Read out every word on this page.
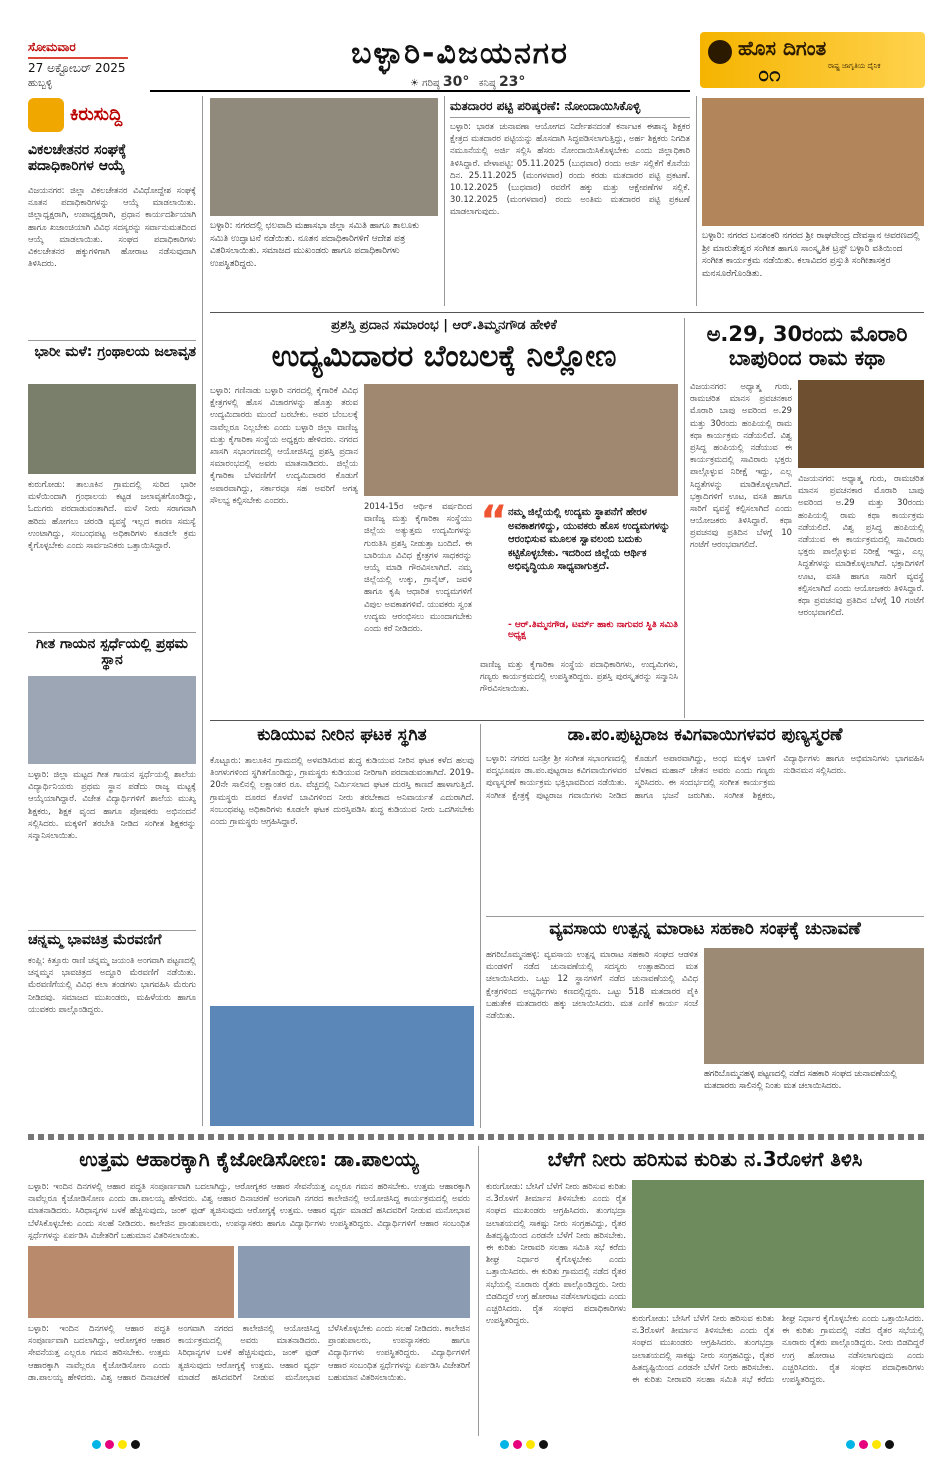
ಸೋಮವಾರ
27 ಅಕ್ಟೋಬರ್ 2025
ಹುಬ್ಬಳ್ಳಿ
ಬಳ್ಳಾರಿ-ವಿಜಯನಗರ
☀ ಗರಿಷ್ಠ 30° ಕನಿಷ್ಠ 23°
ಹೊಸ ದಿಗಂತ
ರಾಷ್ಟ್ರ ಜಾಗೃತಿಯ ದೈನಿಕ
೦೧
ಕಿರುಸುದ್ದಿ
ವಿಕಲಚೇತನರ ಸಂಘಕ್ಕೆ ಪದಾಧಿಕಾರಿಗಳ ಆಯ್ಕೆ
ವಿಜಯನಗರ: ಜಿಲ್ಲಾ ವಿಕಲಚೇತನರ ವಿವಿಧೋದ್ದೇಶ ಸಂಘಕ್ಕೆ ನೂತನ ಪದಾಧಿಕಾರಿಗಳನ್ನು ಆಯ್ಕೆ ಮಾಡಲಾಯಿತು. ಜಿಲ್ಲಾಧ್ಯಕ್ಷರಾಗಿ, ಉಪಾಧ್ಯಕ್ಷರಾಗಿ, ಪ್ರಧಾನ ಕಾರ್ಯದರ್ಶಿಯಾಗಿ ಹಾಗೂ ಖಜಾಂಚಿಯಾಗಿ ವಿವಿಧ ಸದಸ್ಯರನ್ನು ಸರ್ವಾನುಮತದಿಂದ ಆಯ್ಕೆ ಮಾಡಲಾಯಿತು. ಸಂಘದ ಪದಾಧಿಕಾರಿಗಳು ವಿಕಲಚೇತನರ ಹಕ್ಕುಗಳಿಗಾಗಿ ಹೋರಾಟ ನಡೆಸುವುದಾಗಿ ತಿಳಿಸಿದರು.
ಭಾರೀ ಮಳೆ: ಗ್ರಂಥಾಲಯ ಜಲಾವೃತ
ಕುರುಗೋಡು: ತಾಲೂಕಿನ ಗ್ರಾಮದಲ್ಲಿ ಸುರಿದ ಭಾರೀ ಮಳೆಯಿಂದಾಗಿ ಗ್ರಂಥಾಲಯ ಕಟ್ಟಡ ಜಲಾವೃತಗೊಂಡಿದ್ದು, ಓದುಗರು ಪರದಾಡುವಂತಾಗಿದೆ. ಮಳೆ ನೀರು ಸರಾಗವಾಗಿ ಹರಿದು ಹೋಗಲು ಚರಂಡಿ ವ್ಯವಸ್ಥೆ ಇಲ್ಲದ ಕಾರಣ ಸಮಸ್ಯೆ ಉಂಟಾಗಿದ್ದು, ಸಂಬಂಧಪಟ್ಟ ಅಧಿಕಾರಿಗಳು ಕೂಡಲೇ ಕ್ರಮ ಕೈಗೊಳ್ಳಬೇಕು ಎಂದು ಸಾರ್ವಜನಿಕರು ಒತ್ತಾಯಿಸಿದ್ದಾರೆ.
ಗೀತ ಗಾಯನ ಸ್ಪರ್ಧೆಯಲ್ಲಿ ಪ್ರಥಮ ಸ್ಥಾನ
ಬಳ್ಳಾರಿ: ಜಿಲ್ಲಾ ಮಟ್ಟದ ಗೀತ ಗಾಯನ ಸ್ಪರ್ಧೆಯಲ್ಲಿ ಶಾಲೆಯ ವಿದ್ಯಾರ್ಥಿನಿಯರು ಪ್ರಥಮ ಸ್ಥಾನ ಪಡೆದು ರಾಜ್ಯ ಮಟ್ಟಕ್ಕೆ ಆಯ್ಕೆಯಾಗಿದ್ದಾರೆ. ವಿಜೇತ ವಿದ್ಯಾರ್ಥಿಗಳಿಗೆ ಶಾಲೆಯ ಮುಖ್ಯ ಶಿಕ್ಷಕರು, ಶಿಕ್ಷಕ ವೃಂದ ಹಾಗೂ ಪೋಷಕರು ಅಭಿನಂದನೆ ಸಲ್ಲಿಸಿದರು. ಮಕ್ಕಳಿಗೆ ತರಬೇತಿ ನೀಡಿದ ಸಂಗೀತ ಶಿಕ್ಷಕರನ್ನು ಸನ್ಮಾನಿಸಲಾಯಿತು.
ಚನ್ನಮ್ಮ ಭಾವಚಿತ್ರ ಮೆರವಣಿಗೆ
ಕಂಪ್ಲಿ: ಕಿತ್ತೂರು ರಾಣಿ ಚನ್ನಮ್ಮ ಜಯಂತಿ ಅಂಗವಾಗಿ ಪಟ್ಟಣದಲ್ಲಿ ಚನ್ನಮ್ಮನ ಭಾವಚಿತ್ರದ ಅದ್ದೂರಿ ಮೆರವಣಿಗೆ ನಡೆಯಿತು. ಮೆರವಣಿಗೆಯಲ್ಲಿ ವಿವಿಧ ಕಲಾ ತಂಡಗಳು ಭಾಗವಹಿಸಿ ಮೆರುಗು ನೀಡಿದವು. ಸಮಾಜದ ಮುಖಂಡರು, ಮಹಿಳೆಯರು ಹಾಗೂ ಯುವಕರು ಪಾಲ್ಗೊಂಡಿದ್ದರು.
ಬಳ್ಳಾರಿ: ನಗರದಲ್ಲಿ ಛಲವಾದಿ ಮಹಾಸಭಾ ಜಿಲ್ಲಾ ಸಮಿತಿ ಹಾಗೂ ತಾಲೂಕು ಸಮಿತಿ ಉದ್ಘಾಟನೆ ನಡೆಯಿತು. ನೂತನ ಪದಾಧಿಕಾರಿಗಳಿಗೆ ಆದೇಶ ಪತ್ರ ವಿತರಿಸಲಾಯಿತು. ಸಮಾಜದ ಮುಖಂಡರು ಹಾಗೂ ಪದಾಧಿಕಾರಿಗಳು ಉಪಸ್ಥಿತರಿದ್ದರು.
ಮತದಾರರ ಪಟ್ಟಿ ಪರಿಷ್ಕರಣೆ: ನೋಂದಾಯಿಸಿಕೊಳ್ಳಿ
ಬಳ್ಳಾರಿ: ಭಾರತ ಚುನಾವಣಾ ಆಯೋಗದ ನಿರ್ದೇಶನದಂತೆ ಕರ್ನಾಟಕ ಈಶಾನ್ಯ ಶಿಕ್ಷಕರ ಕ್ಷೇತ್ರದ ಮತದಾರರ ಪಟ್ಟಿಯನ್ನು ಹೊಸದಾಗಿ ಸಿದ್ಧಪಡಿಸಲಾಗುತ್ತಿದ್ದು, ಅರ್ಹ ಶಿಕ್ಷಕರು ನಿಗದಿತ ನಮೂನೆಯಲ್ಲಿ ಅರ್ಜಿ ಸಲ್ಲಿಸಿ ಹೆಸರು ನೋಂದಾಯಿಸಿಕೊಳ್ಳಬೇಕು ಎಂದು ಜಿಲ್ಲಾಧಿಕಾರಿ ತಿಳಿಸಿದ್ದಾರೆ. ವೇಳಾಪಟ್ಟಿ: 05.11.2025 (ಬುಧವಾರ) ರಂದು ಅರ್ಜಿ ಸಲ್ಲಿಕೆಗೆ ಕೊನೆಯ ದಿನ. 25.11.2025 (ಮಂಗಳವಾರ) ರಂದು ಕರಡು ಮತದಾರರ ಪಟ್ಟಿ ಪ್ರಕಟಣೆ. 10.12.2025 (ಬುಧವಾರ) ರವರೆಗೆ ಹಕ್ಕು ಮತ್ತು ಆಕ್ಷೇಪಣೆಗಳ ಸಲ್ಲಿಕೆ. 30.12.2025 (ಮಂಗಳವಾರ) ರಂದು ಅಂತಿಮ ಮತದಾರರ ಪಟ್ಟಿ ಪ್ರಕಟಣೆ ಮಾಡಲಾಗುವುದು.
ಬಳ್ಳಾರಿ: ನಗರದ ಬನಶಂಕರಿ ನಗರದ ಶ್ರೀ ರಾಘವೇಂದ್ರ ದೇವಸ್ಥಾನ ಆವರಣದಲ್ಲಿ ಶ್ರೀ ಮಾರುತೇಶ್ವರ ಸಂಗೀತ ಹಾಗೂ ಸಾಂಸ್ಕೃತಿಕ ಟ್ರಸ್ಟ್ ಬಳ್ಳಾರಿ ವತಿಯಿಂದ ಸಂಗೀತ ಕಾರ್ಯಕ್ರಮ ನಡೆಯಿತು. ಕಲಾವಿದರ ಪ್ರಸ್ತುತಿ ಸಂಗೀತಾಸಕ್ತರ ಮನಸೂರೆಗೊಂಡಿತು.
ಪ್ರಶಸ್ತಿ ಪ್ರದಾನ ಸಮಾರಂಭ | ಆರ್.ತಿಮ್ಮನಗೌಡ ಹೇಳಿಕೆ
ಉದ್ಯಮಿದಾರರ ಬೆಂಬಲಕ್ಕೆ ನಿಲ್ಲೋಣ
ಬಳ್ಳಾರಿ: ಗಣಿನಾಡು ಬಳ್ಳಾರಿ ನಗರದಲ್ಲಿ ಕೈಗಾರಿಕೆ ವಿವಿಧ ಕ್ಷೇತ್ರಗಳಲ್ಲಿ ಹೊಸ ವಿಚಾರಗಳನ್ನು ಹೊತ್ತು ತರುವ ಉದ್ಯಮಿದಾರರು ಮುಂದೆ ಬರಬೇಕು. ಅವರ ಬೆಂಬಲಕ್ಕೆ ನಾವೆಲ್ಲರೂ ನಿಲ್ಲಬೇಕು ಎಂದು ಬಳ್ಳಾರಿ ಜಿಲ್ಲಾ ವಾಣಿಜ್ಯ ಮತ್ತು ಕೈಗಾರಿಕಾ ಸಂಸ್ಥೆಯ ಅಧ್ಯಕ್ಷರು ಹೇಳಿದರು. ನಗರದ ಖಾಸಗಿ ಸಭಾಂಗಣದಲ್ಲಿ ಆಯೋಜಿಸಿದ್ದ ಪ್ರಶಸ್ತಿ ಪ್ರದಾನ ಸಮಾರಂಭದಲ್ಲಿ ಅವರು ಮಾತನಾಡಿದರು. ಜಿಲ್ಲೆಯ ಕೈಗಾರಿಕಾ ಬೆಳವಣಿಗೆಗೆ ಉದ್ಯಮಿದಾರರ ಕೊಡುಗೆ ಅಪಾರವಾಗಿದ್ದು, ಸರ್ಕಾರವೂ ಸಹ ಅವರಿಗೆ ಅಗತ್ಯ ಸೌಲಭ್ಯ ಕಲ್ಪಿಸಬೇಕು ಎಂದರು.
2014-15ರ ಆರ್ಥಿಕ ವರ್ಷದಿಂದ ವಾಣಿಜ್ಯ ಮತ್ತು ಕೈಗಾರಿಕಾ ಸಂಸ್ಥೆಯು ಜಿಲ್ಲೆಯ ಅತ್ಯುತ್ತಮ ಉದ್ಯಮಿಗಳನ್ನು ಗುರುತಿಸಿ ಪ್ರಶಸ್ತಿ ನೀಡುತ್ತಾ ಬಂದಿದೆ. ಈ ಬಾರಿಯೂ ವಿವಿಧ ಕ್ಷೇತ್ರಗಳ ಸಾಧಕರನ್ನು ಆಯ್ಕೆ ಮಾಡಿ ಗೌರವಿಸಲಾಗಿದೆ. ನಮ್ಮ ಜಿಲ್ಲೆಯಲ್ಲಿ ಉಕ್ಕು, ಗ್ರಾನೈಟ್, ಜವಳಿ ಹಾಗೂ ಕೃಷಿ ಆಧಾರಿತ ಉದ್ಯಮಗಳಿಗೆ ವಿಪುಲ ಅವಕಾಶಗಳಿವೆ. ಯುವಕರು ಸ್ವಂತ ಉದ್ಯಮ ಆರಂಭಿಸಲು ಮುಂದಾಗಬೇಕು ಎಂದು ಕರೆ ನೀಡಿದರು.
“ ನಮ್ಮ ಜಿಲ್ಲೆಯಲ್ಲಿ ಉದ್ಯಮ ಸ್ಥಾಪನೆಗೆ ಹೇರಳ ಅವಕಾಶಗಳಿದ್ದು, ಯುವಕರು ಹೊಸ ಉದ್ಯಮಗಳನ್ನು ಆರಂಭಿಸುವ ಮೂಲಕ ಸ್ವಾವಲಂಬಿ ಬದುಕು ಕಟ್ಟಿಕೊಳ್ಳಬೇಕು. ಇದರಿಂದ ಜಿಲ್ಲೆಯ ಆರ್ಥಿಕ ಅಭಿವೃದ್ಧಿಯೂ ಸಾಧ್ಯವಾಗುತ್ತದೆ.
- ಆರ್.ತಿಮ್ಮನಗೌಡ, ಟರ್ಮ್ ಹಾಕು ನಾಗುವರ ಸ್ಥಿತಿ ಸಮಿತಿ ಅಧ್ಯಕ್ಷ
ವಾಣಿಜ್ಯ ಮತ್ತು ಕೈಗಾರಿಕಾ ಸಂಸ್ಥೆಯ ಪದಾಧಿಕಾರಿಗಳು, ಉದ್ಯಮಿಗಳು, ಗಣ್ಯರು ಕಾರ್ಯಕ್ರಮದಲ್ಲಿ ಉಪಸ್ಥಿತರಿದ್ದರು. ಪ್ರಶಸ್ತಿ ಪುರಸ್ಕೃತರನ್ನು ಸನ್ಮಾನಿಸಿ ಗೌರವಿಸಲಾಯಿತು.
ಅ.29, 30ರಂದು ಮೊರಾರಿ ಬಾಪುರಿಂದ ರಾಮ ಕಥಾ
ವಿಜಯನಗರ: ಅಧ್ಯಾತ್ಮ ಗುರು, ರಾಮಚರಿತ ಮಾನಸ ಪ್ರವಚನಕಾರ ಮೊರಾರಿ ಬಾಪು ಅವರಿಂದ ಅ.29 ಮತ್ತು 30ರಂದು ಹಂಪಿಯಲ್ಲಿ ರಾಮ ಕಥಾ ಕಾರ್ಯಕ್ರಮ ನಡೆಯಲಿದೆ. ವಿಶ್ವ ಪ್ರಸಿದ್ಧ ಹಂಪಿಯಲ್ಲಿ ನಡೆಯುವ ಈ ಕಾರ್ಯಕ್ರಮದಲ್ಲಿ ಸಾವಿರಾರು ಭಕ್ತರು ಪಾಲ್ಗೊಳ್ಳುವ ನಿರೀಕ್ಷೆ ಇದ್ದು, ಎಲ್ಲ ಸಿದ್ಧತೆಗಳನ್ನು ಮಾಡಿಕೊಳ್ಳಲಾಗಿದೆ. ಭಕ್ತಾದಿಗಳಿಗೆ ಊಟ, ವಸತಿ ಹಾಗೂ ಸಾರಿಗೆ ವ್ಯವಸ್ಥೆ ಕಲ್ಪಿಸಲಾಗಿದೆ ಎಂದು ಆಯೋಜಕರು ತಿಳಿಸಿದ್ದಾರೆ. ಕಥಾ ಪ್ರವಚನವು ಪ್ರತಿದಿನ ಬೆಳಗ್ಗೆ 10 ಗಂಟೆಗೆ ಆರಂಭವಾಗಲಿದೆ.
ವಿಜಯನಗರ: ಅಧ್ಯಾತ್ಮ ಗುರು, ರಾಮಚರಿತ ಮಾನಸ ಪ್ರವಚನಕಾರ ಮೊರಾರಿ ಬಾಪು ಅವರಿಂದ ಅ.29 ಮತ್ತು 30ರಂದು ಹಂಪಿಯಲ್ಲಿ ರಾಮ ಕಥಾ ಕಾರ್ಯಕ್ರಮ ನಡೆಯಲಿದೆ. ವಿಶ್ವ ಪ್ರಸಿದ್ಧ ಹಂಪಿಯಲ್ಲಿ ನಡೆಯುವ ಈ ಕಾರ್ಯಕ್ರಮದಲ್ಲಿ ಸಾವಿರಾರು ಭಕ್ತರು ಪಾಲ್ಗೊಳ್ಳುವ ನಿರೀಕ್ಷೆ ಇದ್ದು, ಎಲ್ಲ ಸಿದ್ಧತೆಗಳನ್ನು ಮಾಡಿಕೊಳ್ಳಲಾಗಿದೆ. ಭಕ್ತಾದಿಗಳಿಗೆ ಊಟ, ವಸತಿ ಹಾಗೂ ಸಾರಿಗೆ ವ್ಯವಸ್ಥೆ ಕಲ್ಪಿಸಲಾಗಿದೆ ಎಂದು ಆಯೋಜಕರು ತಿಳಿಸಿದ್ದಾರೆ. ಕಥಾ ಪ್ರವಚನವು ಪ್ರತಿದಿನ ಬೆಳಗ್ಗೆ 10 ಗಂಟೆಗೆ ಆರಂಭವಾಗಲಿದೆ.
ಕುಡಿಯುವ ನೀರಿನ ಘಟಕ ಸ್ಥಗಿತ
ಕೊಟ್ಟೂರು: ತಾಲೂಕಿನ ಗ್ರಾಮದಲ್ಲಿ ಅಳವಡಿಸಿರುವ ಶುದ್ಧ ಕುಡಿಯುವ ನೀರಿನ ಘಟಕ ಕಳೆದ ಹಲವು ತಿಂಗಳುಗಳಿಂದ ಸ್ಥಗಿತಗೊಂಡಿದ್ದು, ಗ್ರಾಮಸ್ಥರು ಕುಡಿಯುವ ನೀರಿಗಾಗಿ ಪರದಾಡುವಂತಾಗಿದೆ. 2019-20ನೇ ಸಾಲಿನಲ್ಲಿ ಲಕ್ಷಾಂತರ ರೂ. ವೆಚ್ಚದಲ್ಲಿ ನಿರ್ಮಿಸಲಾದ ಘಟಕ ದುರಸ್ತಿ ಕಾಣದೆ ಹಾಳಾಗುತ್ತಿದೆ. ಗ್ರಾಮಸ್ಥರು ದೂರದ ಕೊಳವೆ ಬಾವಿಗಳಿಂದ ನೀರು ತರಬೇಕಾದ ಅನಿವಾರ್ಯತೆ ಎದುರಾಗಿದೆ. ಸಂಬಂಧಪಟ್ಟ ಅಧಿಕಾರಿಗಳು ಕೂಡಲೇ ಘಟಕ ದುರಸ್ತಿಪಡಿಸಿ ಶುದ್ಧ ಕುಡಿಯುವ ನೀರು ಒದಗಿಸಬೇಕು ಎಂದು ಗ್ರಾಮಸ್ಥರು ಆಗ್ರಹಿಸಿದ್ದಾರೆ.
ಡಾ.ಪಂ.ಪುಟ್ಟರಾಜ ಕವಿಗವಾಯಿಗಳವರ ಪುಣ್ಯಸ್ಮರಣೆ
ಬಳ್ಳಾರಿ: ನಗರದ ಬನಶ್ರೀ ಶ್ರೀ ಸಂಗೀತ ಸಭಾಂಗಣದಲ್ಲಿ ಪದ್ಮಭೂಷಣ ಡಾ.ಪಂ.ಪುಟ್ಟರಾಜ ಕವಿಗವಾಯಿಗಳವರ ಪುಣ್ಯಸ್ಮರಣೆ ಕಾರ್ಯಕ್ರಮ ಭಕ್ತಿಭಾವದಿಂದ ನಡೆಯಿತು. ಸಂಗೀತ ಕ್ಷೇತ್ರಕ್ಕೆ ಪುಟ್ಟರಾಜ ಗವಾಯಿಗಳು ನೀಡಿದ ಕೊಡುಗೆ ಅಪಾರವಾಗಿದ್ದು, ಅಂಧ ಮಕ್ಕಳ ಬಾಳಿಗೆ ಬೆಳಕಾದ ಮಹಾನ್ ಚೇತನ ಅವರು ಎಂದು ಗಣ್ಯರು ಸ್ಮರಿಸಿದರು. ಈ ಸಂದರ್ಭದಲ್ಲಿ ಸಂಗೀತ ಕಾರ್ಯಕ್ರಮ ಹಾಗೂ ಭಜನೆ ಜರುಗಿತು. ಸಂಗೀತ ಶಿಕ್ಷಕರು, ವಿದ್ಯಾರ್ಥಿಗಳು ಹಾಗೂ ಅಭಿಮಾನಿಗಳು ಭಾಗವಹಿಸಿ ನುಡಿನಮನ ಸಲ್ಲಿಸಿದರು.
ವ್ಯವಸಾಯ ಉತ್ಪನ್ನ ಮಾರಾಟ ಸಹಕಾರಿ ಸಂಘಕ್ಕೆ ಚುನಾವಣೆ
ಹಗರಿಬೊಮ್ಮನಹಳ್ಳಿ: ವ್ಯವಸಾಯ ಉತ್ಪನ್ನ ಮಾರಾಟ ಸಹಕಾರಿ ಸಂಘದ ಆಡಳಿತ ಮಂಡಳಿಗೆ ನಡೆದ ಚುನಾವಣೆಯಲ್ಲಿ ಸದಸ್ಯರು ಉತ್ಸಾಹದಿಂದ ಮತ ಚಲಾಯಿಸಿದರು. ಒಟ್ಟು 12 ಸ್ಥಾನಗಳಿಗೆ ನಡೆದ ಚುನಾವಣೆಯಲ್ಲಿ ವಿವಿಧ ಕ್ಷೇತ್ರಗಳಿಂದ ಅಭ್ಯರ್ಥಿಗಳು ಕಣದಲ್ಲಿದ್ದರು. ಒಟ್ಟು 518 ಮತದಾರರ ಪೈಕಿ ಬಹುತೇಕ ಮತದಾರರು ಹಕ್ಕು ಚಲಾಯಿಸಿದರು. ಮತ ಎಣಿಕೆ ಕಾರ್ಯ ಸಂಜೆ ನಡೆಯಿತು.
ಹಗರಿಬೊಮ್ಮನಹಳ್ಳಿ ಪಟ್ಟಣದಲ್ಲಿ ನಡೆದ ಸಹಕಾರಿ ಸಂಘದ ಚುನಾವಣೆಯಲ್ಲಿ ಮತದಾರರು ಸಾಲಿನಲ್ಲಿ ನಿಂತು ಮತ ಚಲಾಯಿಸಿದರು.
ಉತ್ತಮ ಆಹಾರಕ್ಕಾಗಿ ಕೈಜೋಡಿಸೋಣ: ಡಾ.ಪಾಲಯ್ಯ
ಬಳ್ಳಾರಿ: ಇಂದಿನ ದಿನಗಳಲ್ಲಿ ಆಹಾರ ಪದ್ಧತಿ ಸಂಪೂರ್ಣವಾಗಿ ಬದಲಾಗಿದ್ದು, ಆರೋಗ್ಯಕರ ಆಹಾರ ಸೇವನೆಯತ್ತ ಎಲ್ಲರೂ ಗಮನ ಹರಿಸಬೇಕು. ಉತ್ತಮ ಆಹಾರಕ್ಕಾಗಿ ನಾವೆಲ್ಲರೂ ಕೈಜೋಡಿಸೋಣ ಎಂದು ಡಾ.ಪಾಲಯ್ಯ ಹೇಳಿದರು. ವಿಶ್ವ ಆಹಾರ ದಿನಾಚರಣೆ ಅಂಗವಾಗಿ ನಗರದ ಕಾಲೇಜಿನಲ್ಲಿ ಆಯೋಜಿಸಿದ್ದ ಕಾರ್ಯಕ್ರಮದಲ್ಲಿ ಅವರು ಮಾತನಾಡಿದರು. ಸಿರಿಧಾನ್ಯಗಳ ಬಳಕೆ ಹೆಚ್ಚಿಸುವುದು, ಜಂಕ್ ಫುಡ್ ತ್ಯಜಿಸುವುದು ಆರೋಗ್ಯಕ್ಕೆ ಉತ್ತಮ. ಆಹಾರ ವ್ಯರ್ಥ ಮಾಡದೆ ಹಸಿದವರಿಗೆ ನೀಡುವ ಮನೋಭಾವ ಬೆಳೆಸಿಕೊಳ್ಳಬೇಕು ಎಂದು ಸಲಹೆ ನೀಡಿದರು. ಕಾಲೇಜಿನ ಪ್ರಾಂಶುಪಾಲರು, ಉಪನ್ಯಾಸಕರು ಹಾಗೂ ವಿದ್ಯಾರ್ಥಿಗಳು ಉಪಸ್ಥಿತರಿದ್ದರು. ವಿದ್ಯಾರ್ಥಿಗಳಿಗೆ ಆಹಾರ ಸಂಬಂಧಿತ ಸ್ಪರ್ಧೆಗಳನ್ನು ಏರ್ಪಡಿಸಿ ವಿಜೇತರಿಗೆ ಬಹುಮಾನ ವಿತರಿಸಲಾಯಿತು.
ಬಳ್ಳಾರಿ: ಇಂದಿನ ದಿನಗಳಲ್ಲಿ ಆಹಾರ ಪದ್ಧತಿ ಸಂಪೂರ್ಣವಾಗಿ ಬದಲಾಗಿದ್ದು, ಆರೋಗ್ಯಕರ ಆಹಾರ ಸೇವನೆಯತ್ತ ಎಲ್ಲರೂ ಗಮನ ಹರಿಸಬೇಕು. ಉತ್ತಮ ಆಹಾರಕ್ಕಾಗಿ ನಾವೆಲ್ಲರೂ ಕೈಜೋಡಿಸೋಣ ಎಂದು ಡಾ.ಪಾಲಯ್ಯ ಹೇಳಿದರು. ವಿಶ್ವ ಆಹಾರ ದಿನಾಚರಣೆ ಅಂಗವಾಗಿ ನಗರದ ಕಾಲೇಜಿನಲ್ಲಿ ಆಯೋಜಿಸಿದ್ದ ಕಾರ್ಯಕ್ರಮದಲ್ಲಿ ಅವರು ಮಾತನಾಡಿದರು. ಸಿರಿಧಾನ್ಯಗಳ ಬಳಕೆ ಹೆಚ್ಚಿಸುವುದು, ಜಂಕ್ ಫುಡ್ ತ್ಯಜಿಸುವುದು ಆರೋಗ್ಯಕ್ಕೆ ಉತ್ತಮ. ಆಹಾರ ವ್ಯರ್ಥ ಮಾಡದೆ ಹಸಿದವರಿಗೆ ನೀಡುವ ಮನೋಭಾವ ಬೆಳೆಸಿಕೊಳ್ಳಬೇಕು ಎಂದು ಸಲಹೆ ನೀಡಿದರು. ಕಾಲೇಜಿನ ಪ್ರಾಂಶುಪಾಲರು, ಉಪನ್ಯಾಸಕರು ಹಾಗೂ ವಿದ್ಯಾರ್ಥಿಗಳು ಉಪಸ್ಥಿತರಿದ್ದರು. ವಿದ್ಯಾರ್ಥಿಗಳಿಗೆ ಆಹಾರ ಸಂಬಂಧಿತ ಸ್ಪರ್ಧೆಗಳನ್ನು ಏರ್ಪಡಿಸಿ ವಿಜೇತರಿಗೆ ಬಹುಮಾನ ವಿತರಿಸಲಾಯಿತು.
ಬೆಳೆಗೆ ನೀರು ಹರಿಸುವ ಕುರಿತು ನ.3ರೊಳಗೆ ತಿಳಿಸಿ
ಕುರುಗೋಡು: ಬೇಸಿಗೆ ಬೆಳೆಗೆ ನೀರು ಹರಿಸುವ ಕುರಿತು ನ.3ರೊಳಗೆ ತೀರ್ಮಾನ ತಿಳಿಸಬೇಕು ಎಂದು ರೈತ ಸಂಘದ ಮುಖಂಡರು ಆಗ್ರಹಿಸಿದರು. ತುಂಗಭದ್ರಾ ಜಲಾಶಯದಲ್ಲಿ ಸಾಕಷ್ಟು ನೀರು ಸಂಗ್ರಹವಿದ್ದು, ರೈತರ ಹಿತದೃಷ್ಟಿಯಿಂದ ಎರಡನೇ ಬೆಳೆಗೆ ನೀರು ಹರಿಸಬೇಕು. ಈ ಕುರಿತು ನೀರಾವರಿ ಸಲಹಾ ಸಮಿತಿ ಸಭೆ ಕರೆದು ಶೀಘ್ರ ನಿರ್ಧಾರ ಕೈಗೊಳ್ಳಬೇಕು ಎಂದು ಒತ್ತಾಯಿಸಿದರು. ಈ ಕುರಿತು ಗ್ರಾಮದಲ್ಲಿ ನಡೆದ ರೈತರ ಸಭೆಯಲ್ಲಿ ನೂರಾರು ರೈತರು ಪಾಲ್ಗೊಂಡಿದ್ದರು. ನೀರು ಬಿಡದಿದ್ದರೆ ಉಗ್ರ ಹೋರಾಟ ನಡೆಸಲಾಗುವುದು ಎಂದು ಎಚ್ಚರಿಸಿದರು. ರೈತ ಸಂಘದ ಪದಾಧಿಕಾರಿಗಳು ಉಪಸ್ಥಿತರಿದ್ದರು.	ಕುರುಗೋಡು: ಬೇಸಿಗೆ ಬೆಳೆಗೆ ನೀರು ಹರಿಸುವ ಕುರಿತು ನ.3ರೊಳಗೆ ತೀರ್ಮಾನ ತಿಳಿಸಬೇಕು ಎಂದು ರೈತ ಸಂಘದ ಮುಖಂಡರು ಆಗ್ರಹಿಸಿದರು. ತುಂಗಭದ್ರಾ ಜಲಾಶಯದಲ್ಲಿ ಸಾಕಷ್ಟು ನೀರು ಸಂಗ್ರಹವಿದ್ದು, ರೈತರ ಹಿತದೃಷ್ಟಿಯಿಂದ ಎರಡನೇ ಬೆಳೆಗೆ ನೀರು ಹರಿಸಬೇಕು. ಈ ಕುರಿತು ನೀರಾವರಿ ಸಲಹಾ ಸಮಿತಿ ಸಭೆ ಕರೆದು ಶೀಘ್ರ ನಿರ್ಧಾರ ಕೈಗೊಳ್ಳಬೇಕು ಎಂದು ಒತ್ತಾಯಿಸಿದರು. ಈ ಕುರಿತು ಗ್ರಾಮದಲ್ಲಿ ನಡೆದ ರೈತರ ಸಭೆಯಲ್ಲಿ ನೂರಾರು ರೈತರು ಪಾಲ್ಗೊಂಡಿದ್ದರು. ನೀರು ಬಿಡದಿದ್ದರೆ ಉಗ್ರ ಹೋರಾಟ ನಡೆಸಲಾಗುವುದು ಎಂದು ಎಚ್ಚರಿಸಿದರು. ರೈತ ಸಂಘದ ಪದಾಧಿಕಾರಿಗಳು ಉಪಸ್ಥಿತರಿದ್ದರು.
